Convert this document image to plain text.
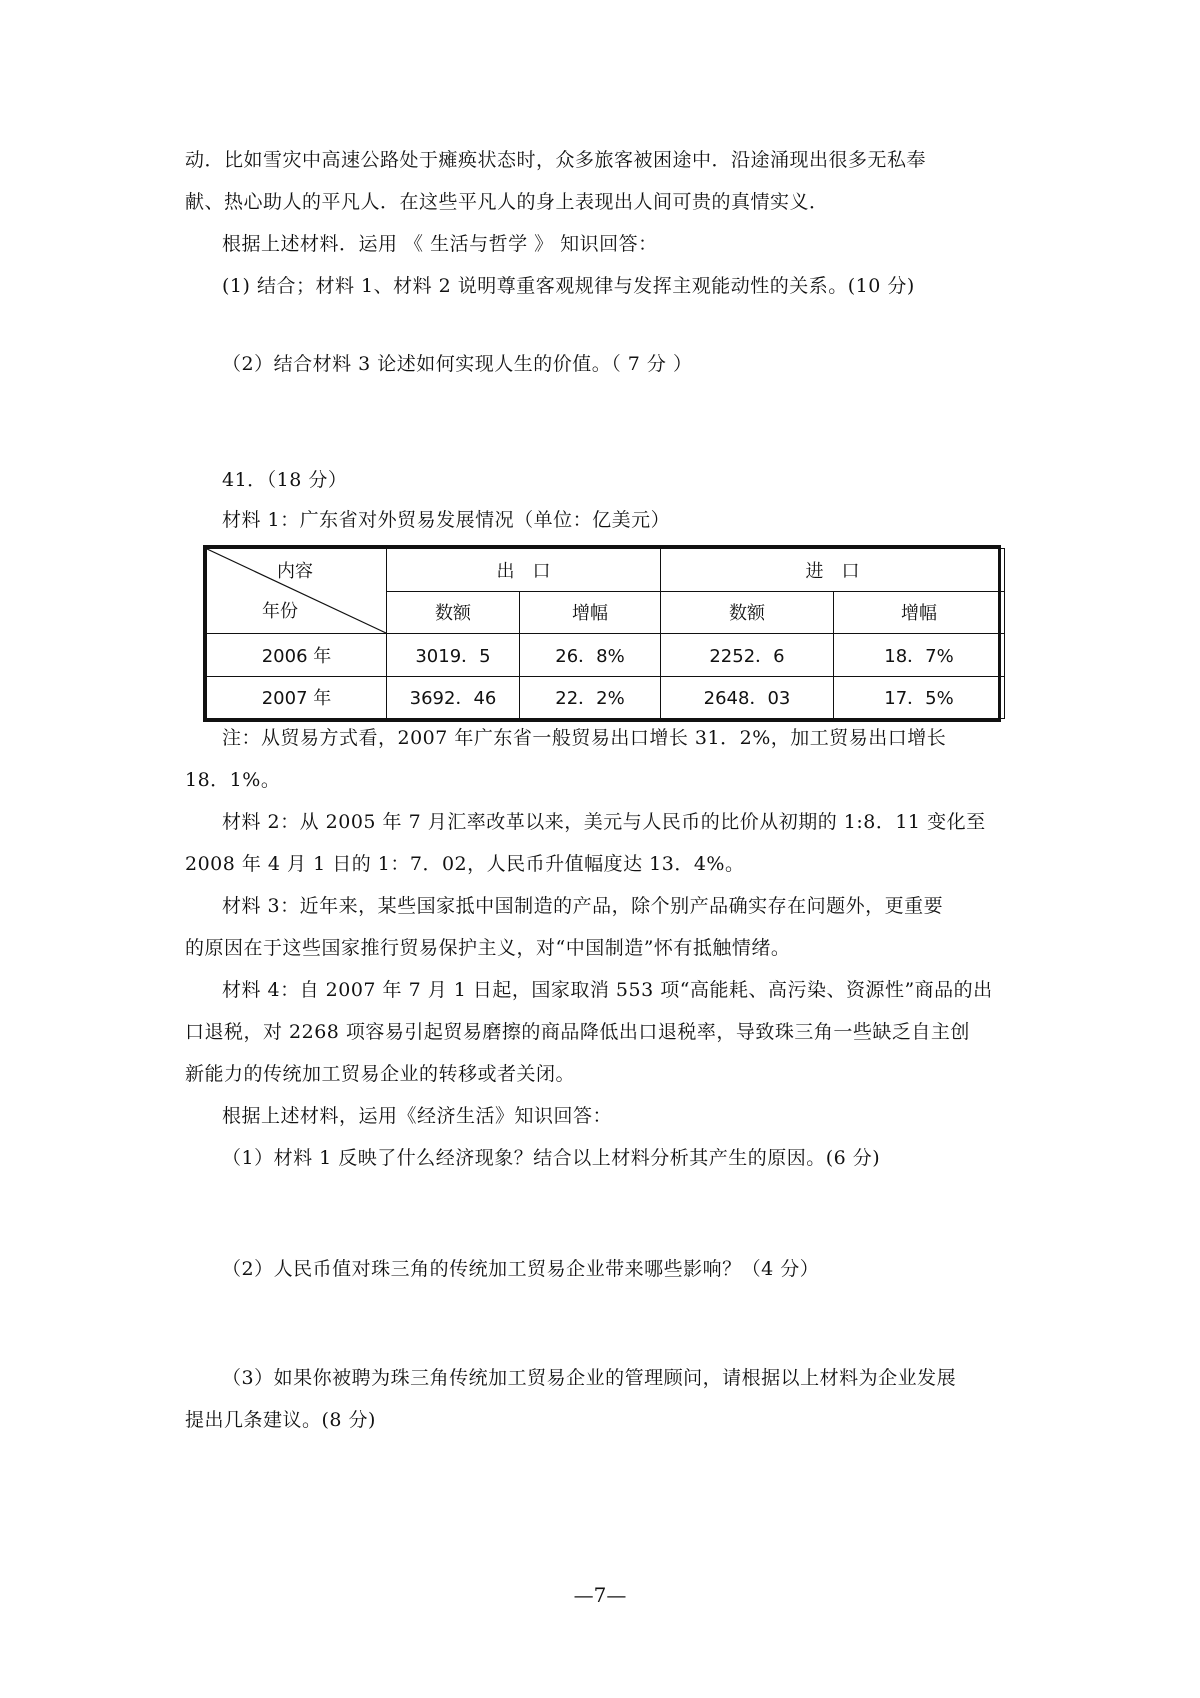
动．比如雪灾中高速公路处于瘫痪状态时，众多旅客被困途中．沿途涌现出很多无私奉
献、热心助人的平凡人．在这些平凡人的身上表现出人间可贵的真情实义．
根据上述材料．运用 《 生活与哲学 》 知识回答：
(1) 结合；材料 1、材料 2 说明尊重客观规律与发挥主观能动性的关系。(10 分)
（2）结合材料 3 论述如何实现人生的价值。（ 7 分 ）
41．（18 分）
材料 1：广东省对外贸易发展情况（单位：亿美元）
内容
年份	出　口		进　口	
	数额	增幅	数额	增幅
2006 年	3019．5	26．8%	2252．6	18．7%
2007 年	3692．46	22．2%	2648．03	17．5%
注：从贸易方式看，2007 年广东省一般贸易出口增长 31．2%，加工贸易出口增长
18．1%。
材料 2：从 2005 年 7 月汇率改革以来，美元与人民币的比价从初期的 1:8．11 变化至
2008 年 4 月 1 日的 1：7．02，人民币升值幅度达 13．4%。
材料 3：近年来，某些国家抵中国制造的产品，除个别产品确实存在问题外，更重要
的原因在于这些国家推行贸易保护主义，对“中国制造”怀有抵触情绪。
材料 4：自 2007 年 7 月 1 日起，国家取消 553 项“高能耗、高污染、资源性”商品的出
口退税，对 2268 项容易引起贸易磨擦的商品降低出口退税率，导致珠三角一些缺乏自主创
新能力的传统加工贸易企业的转移或者关闭。
根据上述材料，运用《经济生活》知识回答：
（1）材料 1 反映了什么经济现象？结合以上材料分析其产生的原因。(6 分)
（2）人民币值对珠三角的传统加工贸易企业带来哪些影响？（4 分）
（3）如果你被聘为珠三角传统加工贸易企业的管理顾问，请根据以上材料为企业发展
提出几条建议。(8 分)
—7—
